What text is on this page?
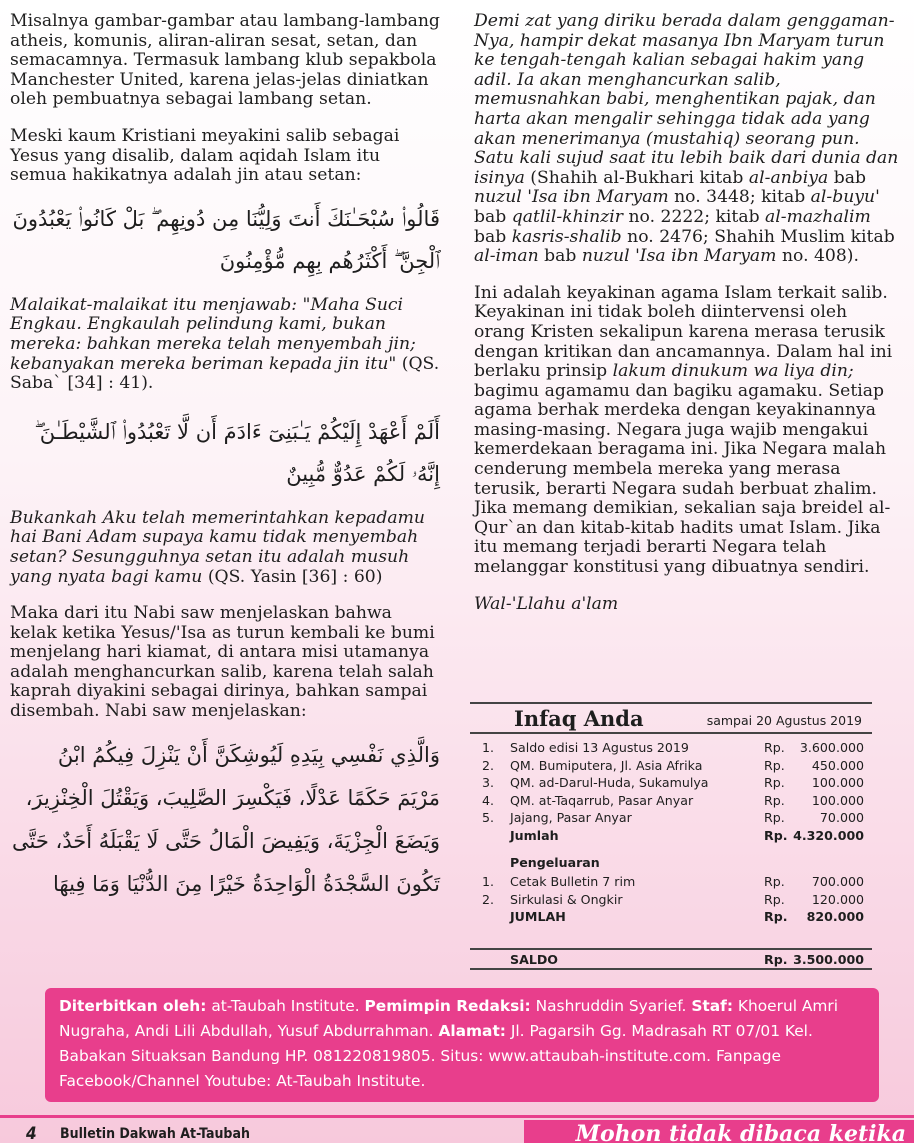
Misalnya gambar-gambar atau lambang-lambang atheis, komunis, aliran-aliran sesat, setan, dan semacamnya. Termasuk lambang klub sepakbola Manchester United, karena jelas-jelas diniatkan oleh pembuatnya sebagai lambang setan.

Meski kaum Kristiani meyakini salib sebagai Yesus yang disalib, dalam aqidah Islam itu semua hakikatnya adalah jin atau setan:

قَالُوا۟ سُبْحَـٰنَكَ أَنتَ وَلِيُّنَا مِن دُونِهِم ۖ بَلْ كَانُوا۟ يَعْبُدُونَ ٱلْجِنَّ ۖ أَكْثَرُهُم بِهِم مُّؤْمِنُونَ

Malaikat-malaikat itu menjawab: "Maha Suci Engkau. Engkaulah pelindung kami, bukan mereka: bahkan mereka telah menyembah jin; kebanyakan mereka beriman kepada jin itu" (QS. Saba` [34] : 41).

أَلَمْ أَعْهَدْ إِلَيْكُمْ يَـٰبَنِىٓ ءَادَمَ أَن لَّا تَعْبُدُوا۟ ٱلشَّيْطَـٰنَ ۖ إِنَّهُۥ لَكُمْ عَدُوٌّ مُّبِينٌ

Bukankah Aku telah memerintahkan kepadamu hai Bani Adam supaya kamu tidak menyembah setan? Sesungguhnya setan itu adalah musuh yang nyata bagi kamu (QS. Yasin [36] : 60)

Maka dari itu Nabi saw menjelaskan bahwa kelak ketika Yesus/'Isa as turun kembali ke bumi menjelang hari kiamat, di antara misi utamanya adalah menghancurkan salib, karena telah salah kaprah diyakini sebagai dirinya, bahkan sampai disembah. Nabi saw menjelaskan:

وَالَّذِي نَفْسِي بِيَدِهِ لَيُوشِكَنَّ أَنْ يَنْزِلَ فِيكُمُ ابْنُ مَرْيَمَ حَكَمًا عَدْلًا، فَيَكْسِرَ الصَّلِيبَ، وَيَقْتُلَ الْخِنْزِيرَ، وَيَضَعَ الْجِزْيَةَ، وَيَفِيضَ الْمَالُ حَتَّى لَا يَقْبَلَهُ أَحَدٌ، حَتَّى تَكُونَ السَّجْدَةُ الْوَاحِدَةُ خَيْرًا مِنَ الدُّنْيَا وَمَا فِيهَا

Demi zat yang diriku berada dalam genggaman-Nya, hampir dekat masanya Ibn Maryam turun ke tengah-tengah kalian sebagai hakim yang adil. Ia akan menghancurkan salib, memusnahkan babi, menghentikan pajak, dan harta akan mengalir sehingga tidak ada yang akan menerimanya (mustahiq) seorang pun. Satu kali sujud saat itu lebih baik dari dunia dan isinya (Shahih al-Bukhari kitab al-anbiya bab nuzul 'Isa ibn Maryam no. 3448; kitab al-buyu' bab qatlil-khinzir no. 2222; kitab al-mazhalim bab kasris-shalib no. 2476; Shahih Muslim kitab al-iman bab nuzul 'Isa ibn Maryam no. 408).

Ini adalah keyakinan agama Islam terkait salib. Keyakinan ini tidak boleh diintervensi oleh orang Kristen sekalipun karena merasa terusik dengan kritikan dan ancamannya. Dalam hal ini berlaku prinsip lakum dinukum wa liya din; bagimu agamamu dan bagiku agamaku. Setiap agama berhak merdeka dengan keyakinannya masing-masing. Negara juga wajib mengakui kemerdekaan beragama ini. Jika Negara malah cenderung membela mereka yang merasa terusik, berarti Negara sudah berbuat zhalim. Jika memang demikian, sekalian saja breidel al-Qur`an dan kitab-kitab hadits umat Islam. Jika itu memang terjadi berarti Negara telah melanggar konstitusi yang dibuatnya sendiri.

Wal-'Llahu a'lam

Infaq Anda	sampai 20 Agustus 2019
1. Saldo edisi 13 Agustus 2019	Rp. 3.600.000
2. QM. Bumiputera, Jl. Asia Afrika	Rp. 450.000
3. QM. ad-Darul-Huda, Sukamulya	Rp. 100.000
4. QM. at-Taqarrub, Pasar Anyar	Rp. 100.000
5. Jajang, Pasar Anyar	Rp.	70.000
Jumlah	Rp. 4.320.000
Pengeluaran
1. Cetak Bulletin 7 rim	Rp. 700.000
2. Sirkulasi & Ongkir	Rp. 120.000
JUMLAH	Rp. 820.000
SALDO	Rp. 3.500.000
Diterbitkan oleh: at-Taubah Institute. Pemimpin Redaksi: Nashruddin Syarief. Staf: Khoerul Amri Nugraha, Andi Lili Abdullah, Yusuf Abdurrahman. Alamat: Jl. Pagarsih Gg. Madrasah RT 07/01 Kel. Babakan Situaksan Bandung HP. 081220819805. Situs: www.attaubah-institute.com. Fanpage Facebook/Channel Youtube: At-Taubah Institute.
4 Bulletin Dakwah At-Taubah	Mohon tidak dibaca ketika
